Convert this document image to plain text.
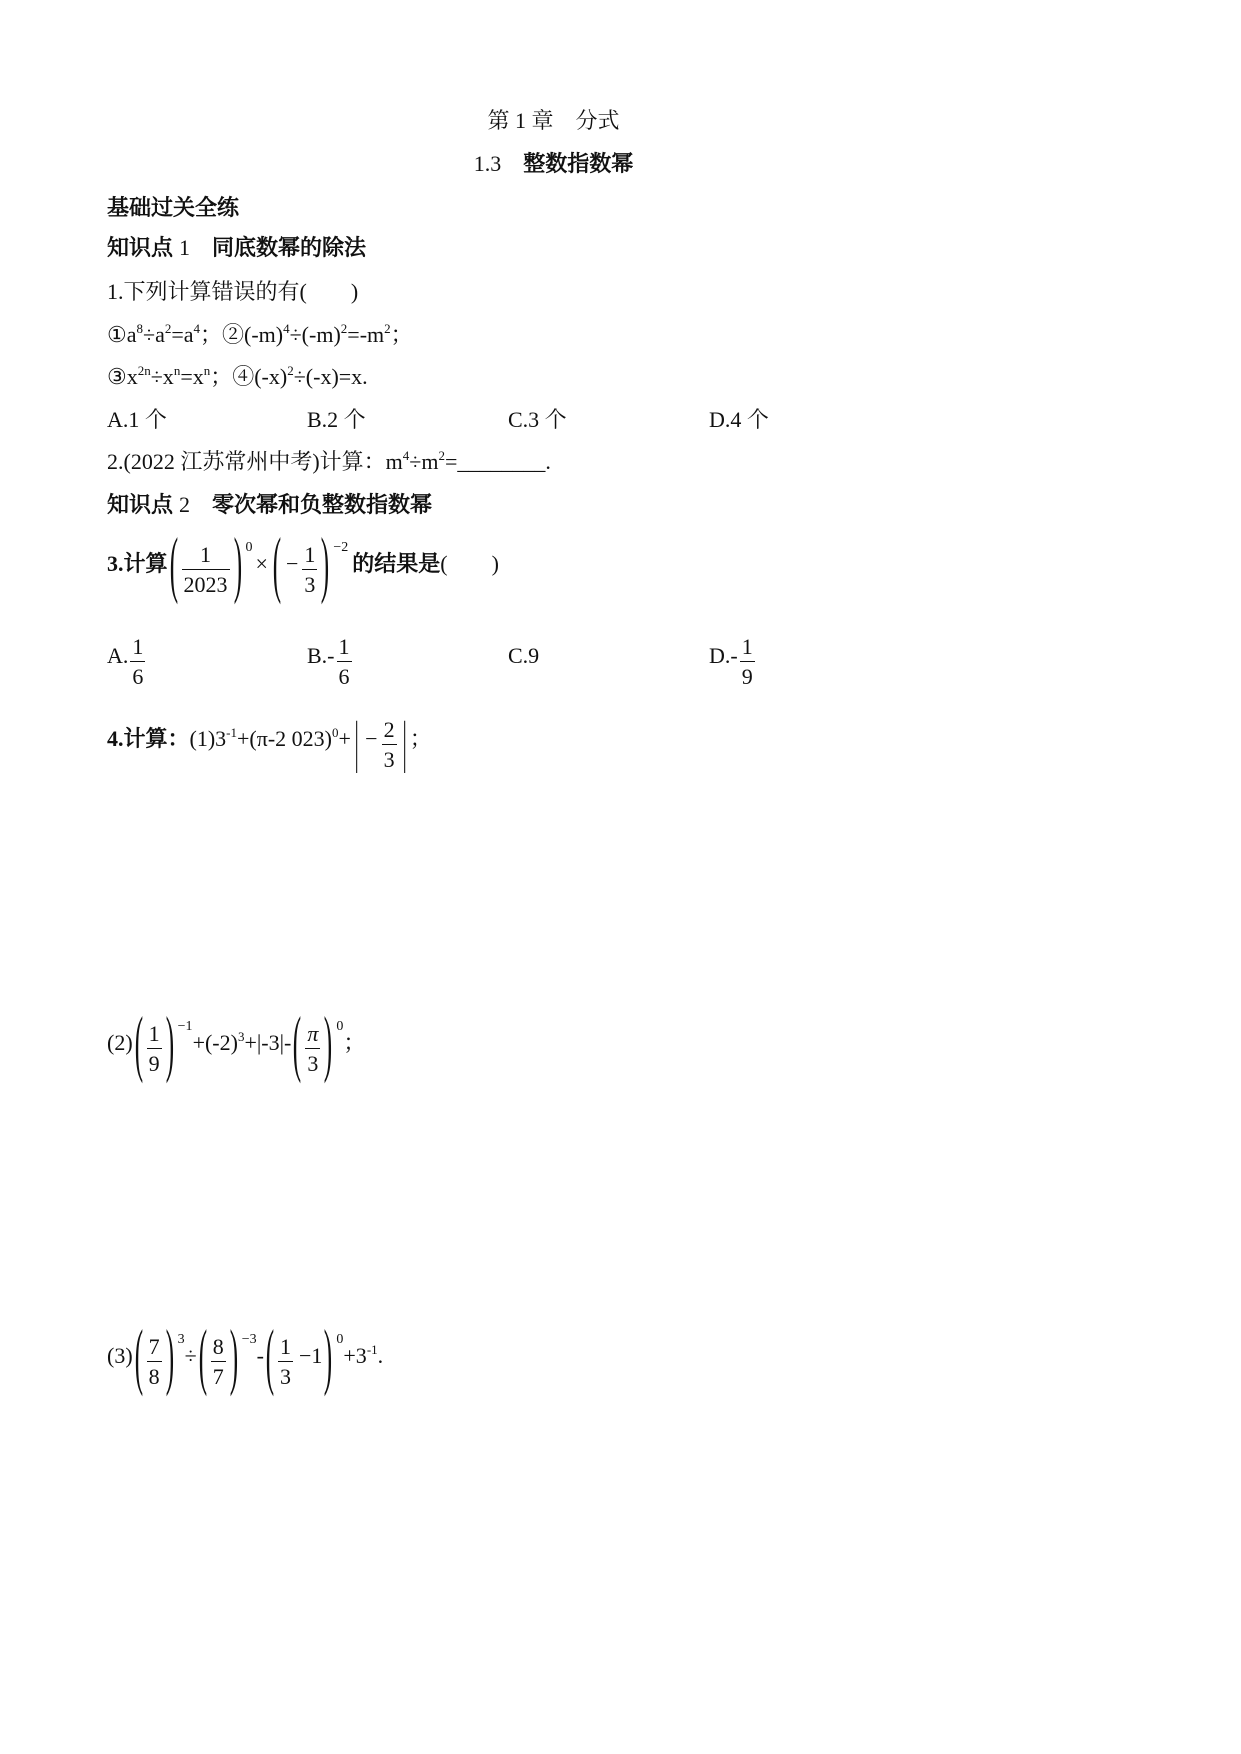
第 1 章　分式
1.3 整数指数幂
基础过关全练
知识点 1 同底数幂的除法
1.下列计算错误的有(　　)
$①a^8\div a^2=a^4$；$②(-m)^4\div(-m)^2=-m^2$；
$③x^{2n}\div x^n=x^n$；$④(-x)^2\div(-x)=x$.
A.1 个	B.2 个	C.3 个	D.4 个
2.(2022 江苏常州中考)计算：$m^4\div m^2=\_\_\_\_\_\_\_\_$.
知识点 2 零次幂和负整数指数幂
3.计算 ( $\frac{1}{2023}$ ) 0
× ( − $\frac{1}{3}$ ) −2
的结果是 (　　)
A. $\frac{1}{6}$	$B.- \frac{1}{6}$	C.9	$D.- \frac{1}{9}$
4.计算：$(1)3^{-1}+(\pi-2$ 023)$^0$+ | − $\frac{2}{3}$ | ；
(2) ( $\frac{1}{9}$ ) −1
$+(-2)^3+|-3|-$ ( $\frac{\pi}{3}$ ) 0
；
(3) ( $\frac{7}{8}$ ) 3
÷ ( $\frac{8}{7}$ ) −3
- ( $\frac{1}{3} -1$ ) 0
$+3^{-1}$.
